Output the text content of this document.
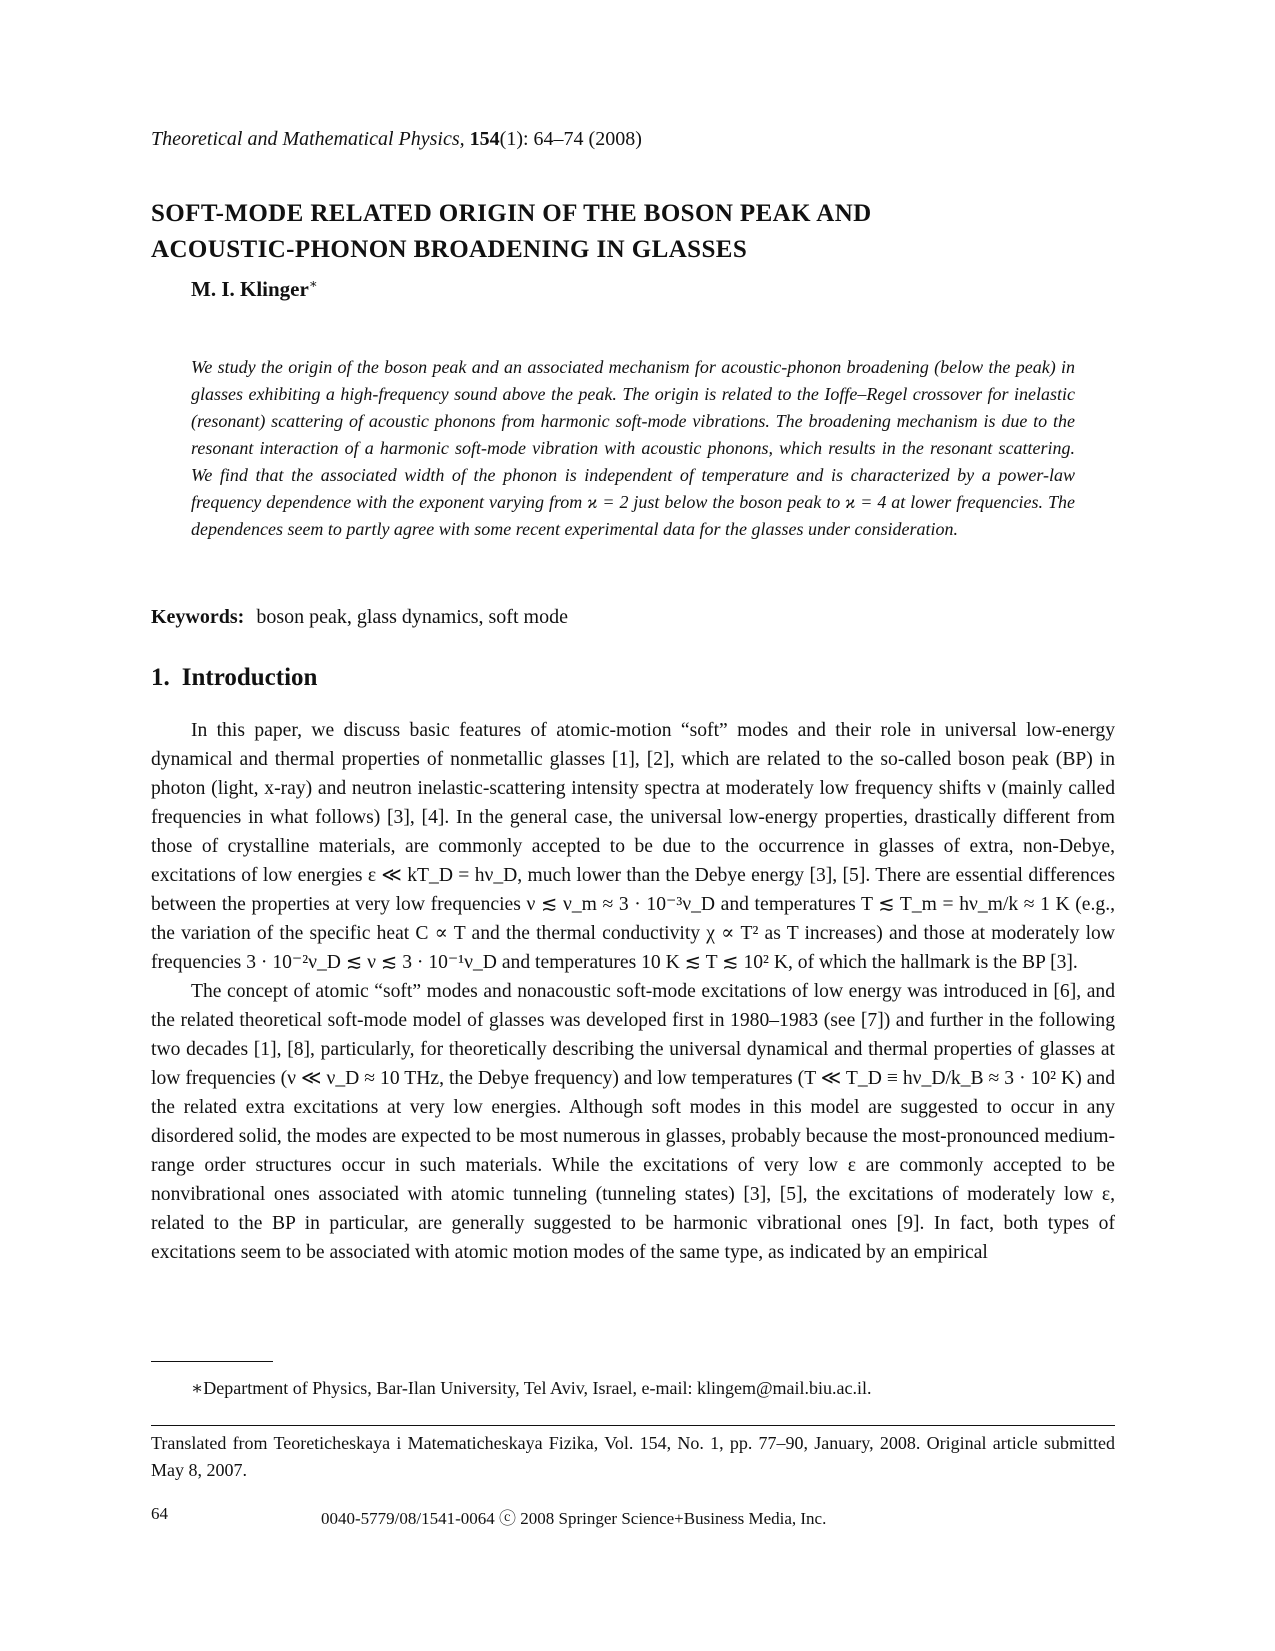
Theoretical and Mathematical Physics, 154(1): 64–74 (2008)
SOFT-MODE RELATED ORIGIN OF THE BOSON PEAK AND
ACOUSTIC-PHONON BROADENING IN GLASSES
M. I. Klinger∗
We study the origin of the boson peak and an associated mechanism for acoustic-phonon broadening (below the peak) in glasses exhibiting a high-frequency sound above the peak. The origin is related to the Ioffe–Regel crossover for inelastic (resonant) scattering of acoustic phonons from harmonic soft-mode vibrations. The broadening mechanism is due to the resonant interaction of a harmonic soft-mode vibration with acoustic phonons, which results in the resonant scattering. We find that the associated width of the phonon is independent of temperature and is characterized by a power-law frequency dependence with the exponent varying from ϰ = 2 just below the boson peak to ϰ = 4 at lower frequencies. The dependences seem to partly agree with some recent experimental data for the glasses under consideration.
Keywords: boson peak, glass dynamics, soft mode
1. Introduction

In this paper, we discuss basic features of atomic-motion “soft” modes and their role in universal low-energy dynamical and thermal properties of nonmetallic glasses [1], [2], which are related to the so-called boson peak (BP) in photon (light, x-ray) and neutron inelastic-scattering intensity spectra at moderately low frequency shifts ν (mainly called frequencies in what follows) [3], [4]. In the general case, the universal low-energy properties, drastically different from those of crystalline materials, are commonly accepted to be due to the occurrence in glasses of extra, non-Debye, excitations of low energies ε ≪ kT_D = hν_D, much lower than the Debye energy [3], [5]. There are essential differences between the properties at very low frequencies ν ≲ ν_m ≈ 3 · 10⁻³ν_D and temperatures T ≲ T_m = hν_m/k ≈ 1 K (e.g., the variation of the specific heat C ∝ T and the thermal conductivity χ ∝ T² as T increases) and those at moderately low frequencies 3 · 10⁻²ν_D ≲ ν ≲ 3 · 10⁻¹ν_D and temperatures 10 K ≲ T ≲ 10² K, of which the hallmark is the BP [3].

The concept of atomic “soft” modes and nonacoustic soft-mode excitations of low energy was introduced in [6], and the related theoretical soft-mode model of glasses was developed first in 1980–1983 (see [7]) and further in the following two decades [1], [8], particularly, for theoretically describing the universal dynamical and thermal properties of glasses at low frequencies (ν ≪ ν_D ≈ 10 THz, the Debye frequency) and low temperatures (T ≪ T_D ≡ hν_D/k_B ≈ 3 · 10² K) and the related extra excitations at very low energies. Although soft modes in this model are suggested to occur in any disordered solid, the modes are expected to be most numerous in glasses, probably because the most-pronounced medium-range order structures occur in such materials. While the excitations of very low ε are commonly accepted to be nonvibrational ones associated with atomic tunneling (tunneling states) [3], [5], the excitations of moderately low ε, related to the BP in particular, are generally suggested to be harmonic vibrational ones [9]. In fact, both types of excitations seem to be associated with atomic motion modes of the same type, as indicated by an empirical

∗Department of Physics, Bar-Ilan University, Tel Aviv, Israel, e-mail: klingem@mail.biu.ac.il.
Translated from Teoreticheskaya i Matematicheskaya Fizika, Vol. 154, No. 1, pp. 77–90, January, 2008. Original article submitted May 8, 2007.
64	0040-5779/08/1541-0064 ⓒ 2008 Springer Science+Business Media, Inc.
